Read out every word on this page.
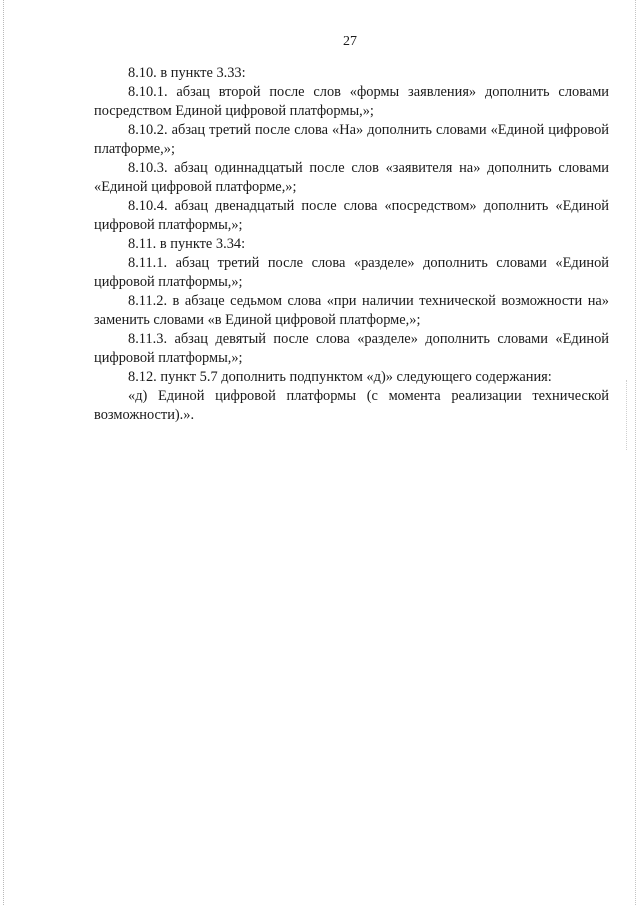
27

8.10. в пункте 3.33:

8.10.1. абзац второй после слов «формы заявления» дополнить словами посредством Единой цифровой платформы,»;

8.10.2. абзац третий после слова «На» дополнить словами «Единой цифровой платформе,»;

8.10.3. абзац одиннадцатый после слов «заявителя на» дополнить словами «Единой цифровой платформе,»;

8.10.4. абзац двенадцатый после слова «посредством» дополнить «Единой цифровой платформы,»;

8.11. в пункте 3.34:

8.11.1. абзац третий после слова «разделе» дополнить словами «Единой цифровой платформы,»;

8.11.2. в абзаце седьмом слова «при наличии технической возможности на» заменить словами «в Единой цифровой платформе,»;

8.11.3. абзац девятый после слова «разделе» дополнить словами «Единой цифровой платформы,»;

8.12. пункт 5.7 дополнить подпунктом «д)» следующего содержания:

«д) Единой цифровой платформы (с момента реализации технической возможности).».
